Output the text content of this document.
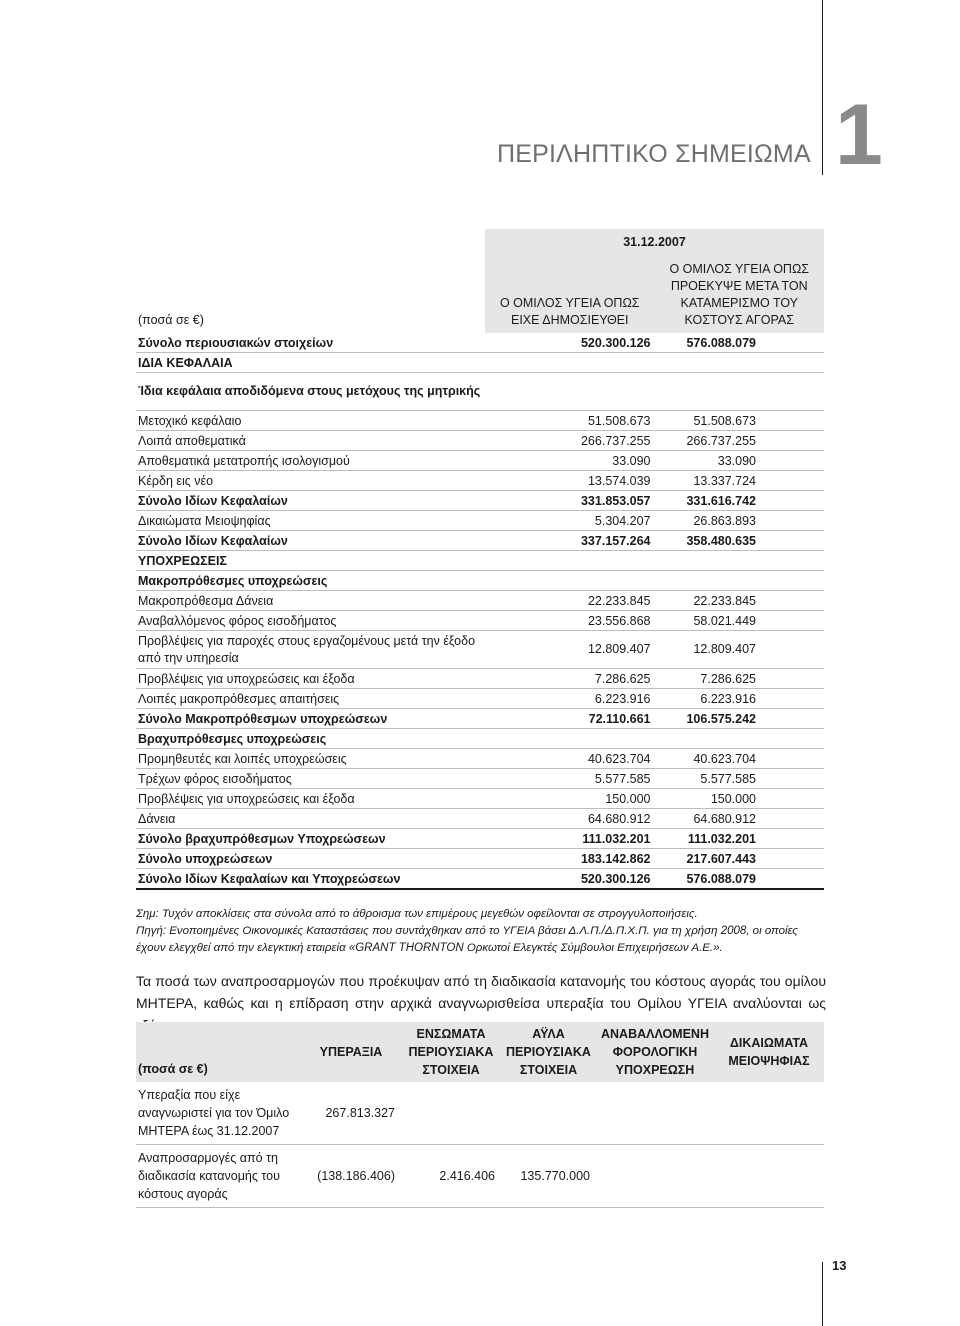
ΠΕΡΙΛΗΠΤΙΚΟ ΣΗΜΕΙΩΜΑ 1
	31.12.2007	
(ποσά σε €)	Ο ΟΜΙΛΟΣ ΥΓΕΙΑ ΟΠΩΣ ΕΙΧΕ ΔΗΜΟΣΙΕΥΘΕΙ	Ο ΟΜΙΛΟΣ ΥΓΕΙΑ ΟΠΩΣ ΠΡΟΕΚΥΨΕ ΜΕΤΑ ΤΟΝ ΚΑΤΑΜΕΡΙΣΜΟ ΤΟΥ ΚΟΣΤΟΥΣ ΑΓΟΡΑΣ
Σύνολο περιουσιακών στοιχείων	520.300.126	576.088.079
ΙΔΙΑ ΚΕΦΑΛΑΙΑ		
Ίδια κεφάλαια αποδιδόμενα στους μετόχους της μητρικής		
Μετοχικό κεφάλαιο	51.508.673	51.508.673
Λοιπά αποθεματικά	266.737.255	266.737.255
Αποθεματικά μετατροπής ισολογισμού	33.090	33.090
Κέρδη εις νέο	13.574.039	13.337.724
Σύνολο Ιδίων Κεφαλαίων	331.853.057	331.616.742
Δικαιώματα Μειοψηφίας	5.304.207	26.863.893
Σύνολο Ιδίων Κεφαλαίων	337.157.264	358.480.635
ΥΠΟΧΡΕΩΣΕΙΣ		
Μακροπρόθεσμες υποχρεώσεις		
Μακροπρόθεσμα Δάνεια	22.233.845	22.233.845
Αναβαλλόμενος φόρος εισοδήματος	23.556.868	58.021.449
Προβλέψεις για παροχές στους εργαζομένους μετά την έξοδο από την υπηρεσία	12.809.407	12.809.407
Προβλέψεις για υποχρεώσεις και έξοδα	7.286.625	7.286.625
Λοιπές μακροπρόθεσμες απαιτήσεις	6.223.916	6.223.916
Σύνολο Μακροπρόθεσμων υποχρεώσεων	72.110.661	106.575.242
Βραχυπρόθεσμες υποχρεώσεις		
Προμηθευτές και λοιπές υποχρεώσεις	40.623.704	40.623.704
Τρέχων φόρος εισοδήματος	5.577.585	5.577.585
Προβλέψεις για υποχρεώσεις και έξοδα	150.000	150.000
Δάνεια	64.680.912	64.680.912
Σύνολο βραχυπρόθεσμων Υποχρεώσεων	111.032.201	111.032.201
Σύνολο υποχρεώσεων	183.142.862	217.607.443
Σύνολο Ιδίων Κεφαλαίων και Υποχρεώσεων	520.300.126	576.088.079
Σημ: Τυχόν αποκλίσεις στα σύνολα από το άθροισμα των επιμέρους μεγεθών οφείλονται σε στρογγυλοποιήσεις.
Πηγή: Ενοποιημένες Οικονομικές Καταστάσεις που συντάχθηκαν από το ΥΓΕΙΑ βάσει Δ.Λ.Π./Δ.Π.Χ.Π. για τη χρήση 2008, οι οποίες έχουν ελεγχθεί από την ελεγκτική εταιρεία «GRANT THORNTON Ορκωτοί Ελεγκτές Σύμβουλοι Επιχειρήσεων Α.Ε.».
Τα ποσά των αναπροσαρμογών που προέκυψαν από τη διαδικασία κατανομής του κόστους αγοράς του ομίλου ΜΗΤΕΡΑ, καθώς και η επίδραση στην αρχικά αναγνωρισθείσα υπεραξία του Ομίλου ΥΓΕΙΑ αναλύονται ως
(ποσά σε €)	ΥΠΕΡΑΞΙΑ	ΕΝΣΩΜΑΤΑ ΠΕΡΙΟΥΣΙΑΚΑ ΣΤΟΙΧΕΙΑ	ΑΫΛΑ ΠΕΡΙΟΥΣΙΑΚΑ ΣΤΟΙΧΕΙΑ	ΑΝΑΒΑΛΛΟΜΕΝΗ ΦΟΡΟΛΟΓΙΚΗ ΥΠΟΧΡΕΩΣΗ	ΔΙΚΑΙΩΜΑΤΑ ΜΕΙΟΨΗΦΙΑΣ
Υπεραξία που είχε αναγνωριστεί για τον Όμιλο ΜΗΤΕΡΑ έως 31.12.2007	267.813.327				
Αναπροσαρμογές από τη διαδικασία κατανομής του κόστους αγοράς	(138.186.406)	2.416.406	135.770.000		
13
